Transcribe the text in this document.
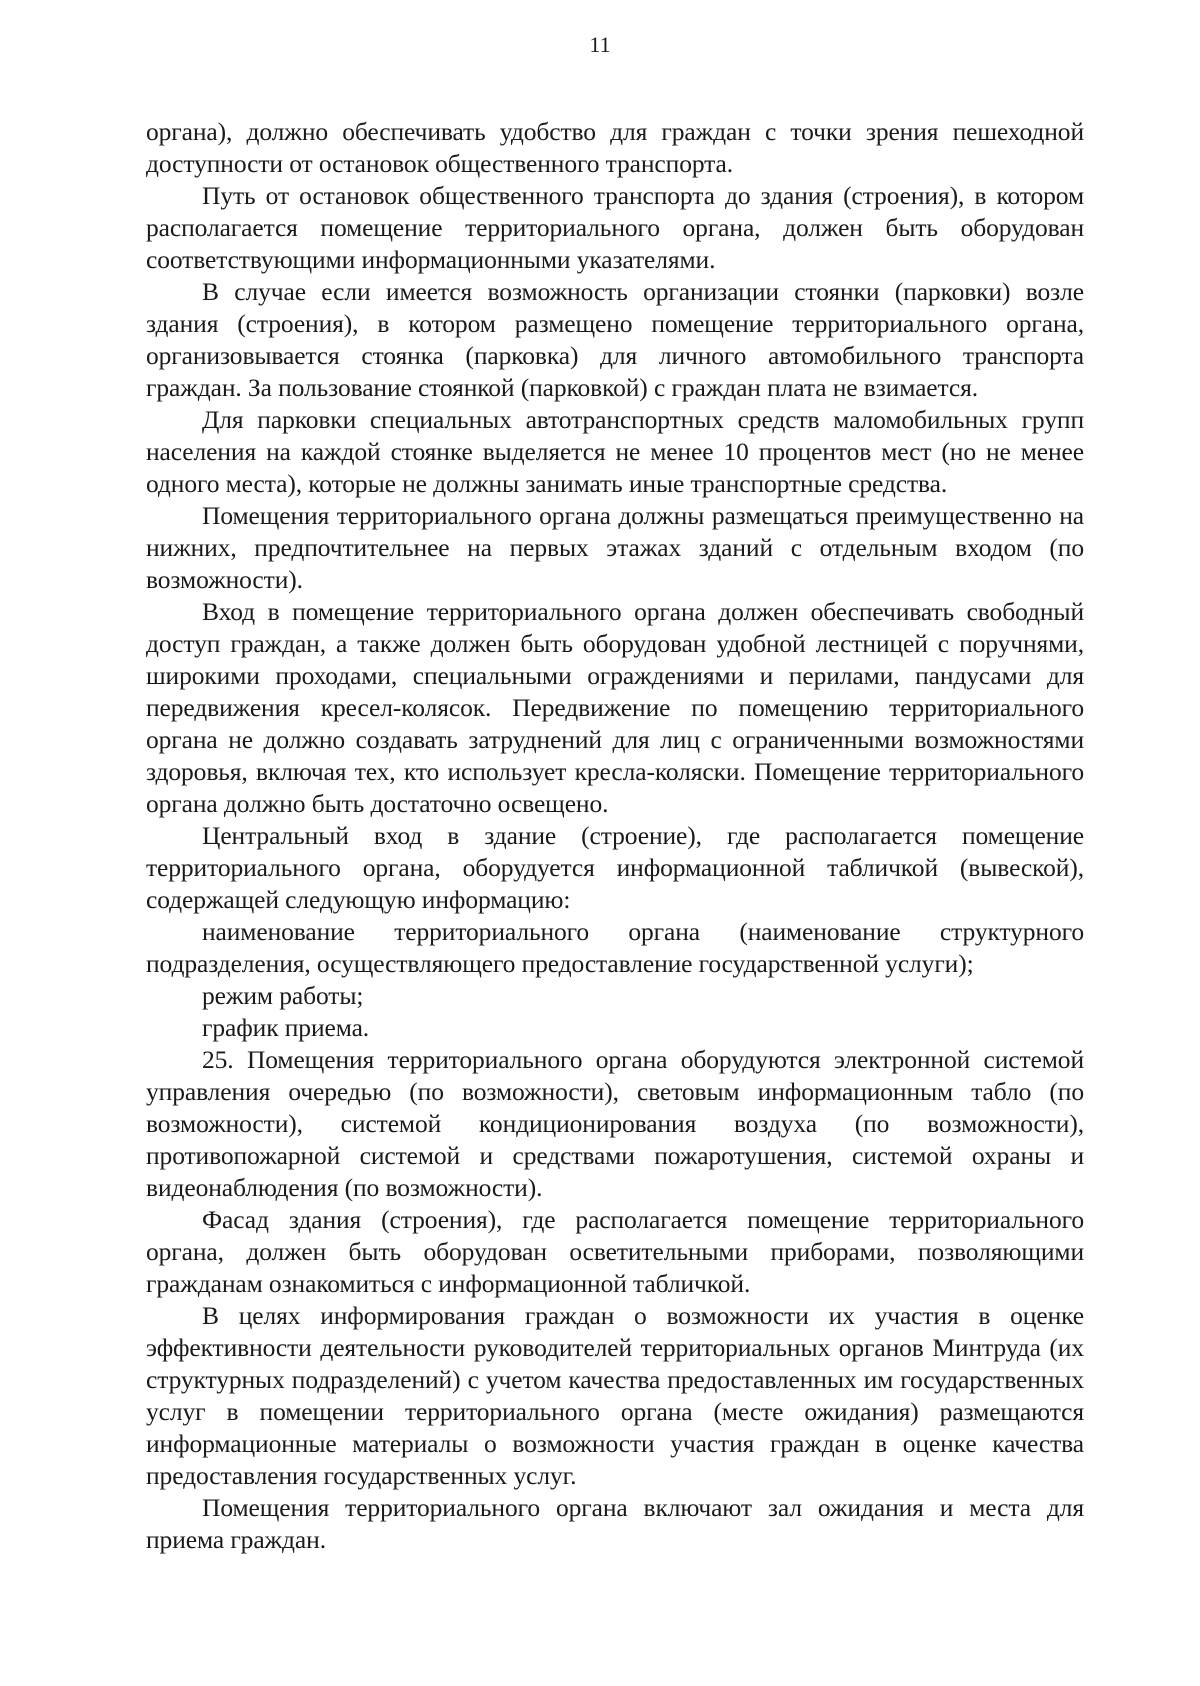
11

органа), должно обеспечивать удобство для граждан с точки зрения пешеходной доступности от остановок общественного транспорта.

Путь от остановок общественного транспорта до здания (строения), в котором располагается помещение территориального органа, должен быть оборудован соответствующими информационными указателями.

В случае если имеется возможность организации стоянки (парковки) возле здания (строения), в котором размещено помещение территориального органа, организовывается стоянка (парковка) для личного автомобильного транспорта граждан. За пользование стоянкой (парковкой) с граждан плата не взимается.

Для парковки специальных автотранспортных средств маломобильных групп населения на каждой стоянке выделяется не менее 10 процентов мест (но не менее одного места), которые не должны занимать иные транспортные средства.

Помещения территориального органа должны размещаться преимущественно на нижних, предпочтительнее на первых этажах зданий с отдельным входом (по возможности).

Вход в помещение территориального органа должен обеспечивать свободный доступ граждан, а также должен быть оборудован удобной лестницей с поручнями, широкими проходами, специальными ограждениями и перилами, пандусами для передвижения кресел-колясок. Передвижение по помещению территориального органа не должно создавать затруднений для лиц с ограниченными возможностями здоровья, включая тех, кто использует кресла-коляски. Помещение территориального органа должно быть достаточно освещено.

Центральный вход в здание (строение), где располагается помещение территориального органа, оборудуется информационной табличкой (вывеской), содержащей следующую информацию:

наименование территориального органа (наименование структурного подразделения, осуществляющего предоставление государственной услуги);

режим работы;

график приема.

25. Помещения территориального органа оборудуются электронной системой управления очередью (по возможности), световым информационным табло (по возможности), системой кондиционирования воздуха (по возможности), противопожарной системой и средствами пожаротушения, системой охраны и видеонаблюдения (по возможности).

Фасад здания (строения), где располагается помещение территориального органа, должен быть оборудован осветительными приборами, позволяющими гражданам ознакомиться с информационной табличкой.

В целях информирования граждан о возможности их участия в оценке эффективности деятельности руководителей территориальных органов Минтруда (их структурных подразделений) с учетом качества предоставленных им государственных услуг в помещении территориального органа (месте ожидания) размещаются информационные материалы о возможности участия граждан в оценке качества предоставления государственных услуг.

Помещения территориального органа включают зал ожидания и места для приема граждан.
